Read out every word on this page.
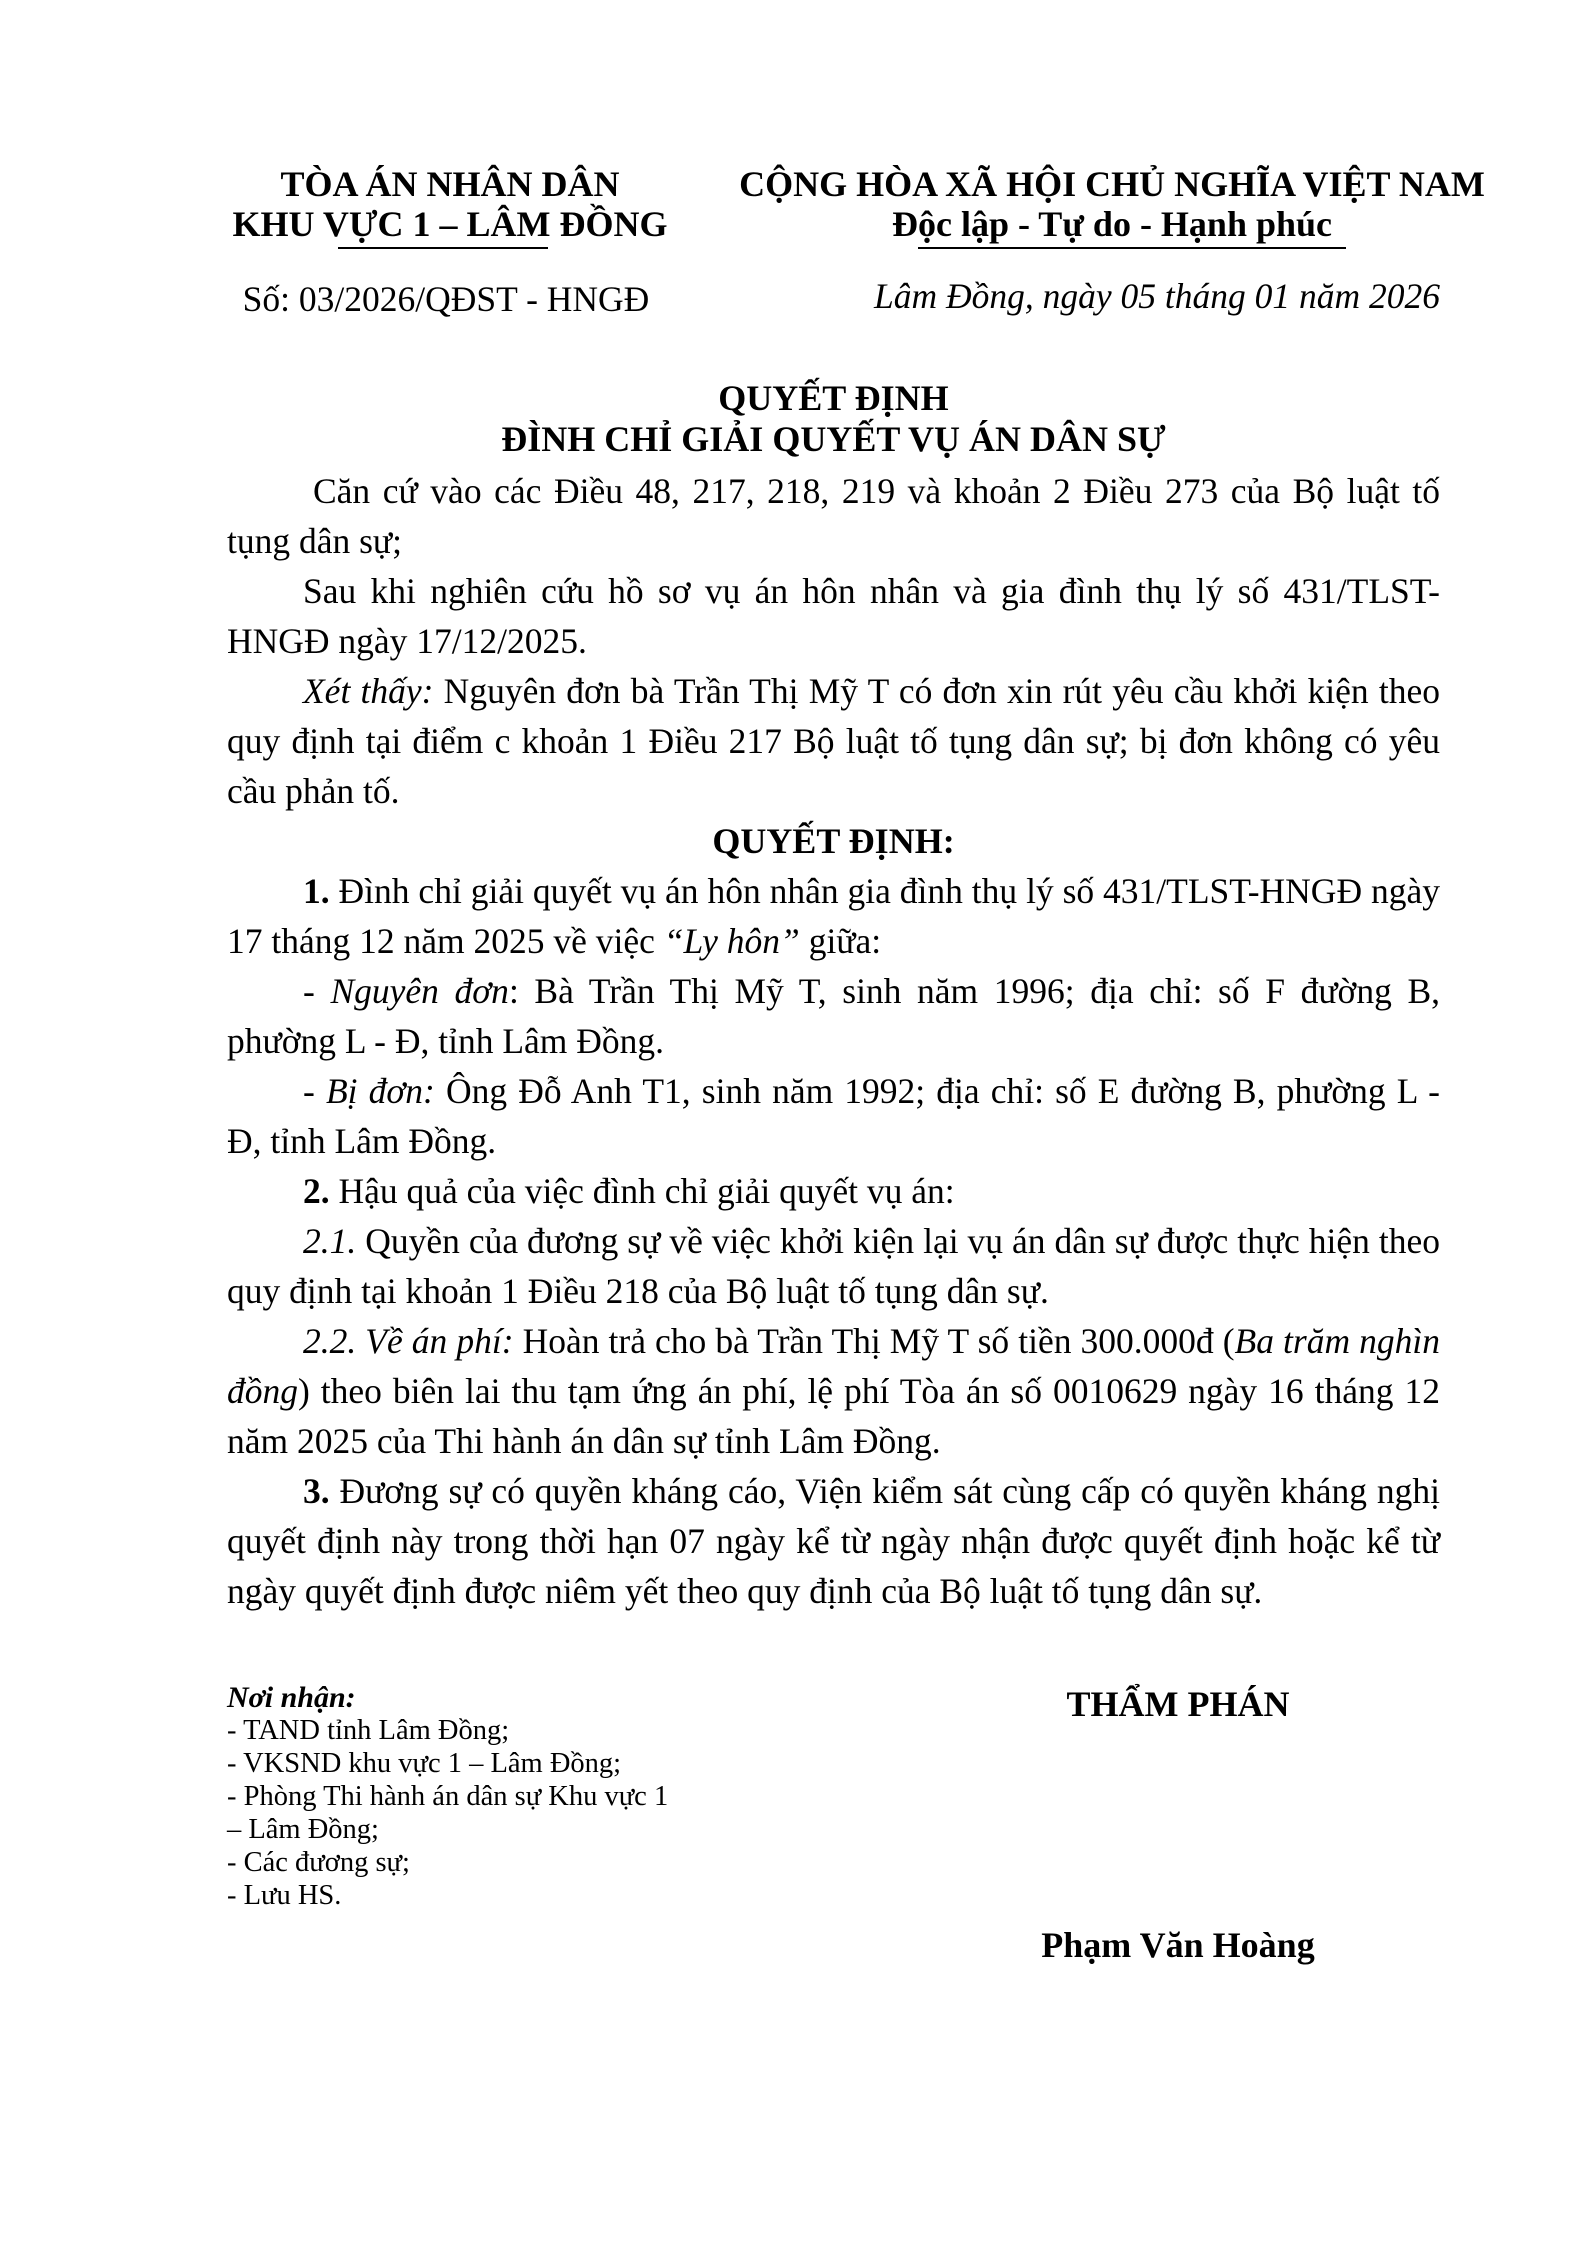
TÒA ÁN NHÂN DÂN
KHU VỰC 1 – LÂM ĐỒNG
CỘNG HÒA XÃ HỘI CHỦ NGHĨA VIỆT NAM
Độc lập - Tự do - Hạnh phúc
Số: 03/2026/QĐST - HNGĐ	Lâm Đồng, ngày 05 tháng 01 năm 2026
QUYẾT ĐỊNH
ĐÌNH CHỈ GIẢI QUYẾT VỤ ÁN DÂN SỰ

Căn cứ vào các Điều 48, 217, 218, 219 và khoản 2 Điều 273 của Bộ luật tố tụng dân sự;

Sau khi nghiên cứu hồ sơ vụ án hôn nhân và gia đình thụ lý số 431/TLST-HNGĐ ngày 17/12/2025.

Xét thấy: Nguyên đơn bà Trần Thị Mỹ T có đơn xin rút yêu cầu khởi kiện theo quy định tại điểm c khoản 1 Điều 217 Bộ luật tố tụng dân sự; bị đơn không có yêu cầu phản tố.

QUYẾT ĐỊNH:

1. Đình chỉ giải quyết vụ án hôn nhân gia đình thụ lý số 431/TLST-HNGĐ ngày 17 tháng 12 năm 2025 về việc “Ly hôn” giữa:

- Nguyên đơn: Bà Trần Thị Mỹ T, sinh năm 1996; địa chỉ: số F đường B, phường L - Đ, tỉnh Lâm Đồng.

- Bị đơn: Ông Đỗ Anh T1, sinh năm 1992; địa chỉ: số E đường B, phường L - Đ, tỉnh Lâm Đồng.

2. Hậu quả của việc đình chỉ giải quyết vụ án:

2.1. Quyền của đương sự về việc khởi kiện lại vụ án dân sự được thực hiện theo quy định tại khoản 1 Điều 218 của Bộ luật tố tụng dân sự.

2.2. Về án phí: Hoàn trả cho bà Trần Thị Mỹ T số tiền 300.000đ (Ba trăm nghìn đồng) theo biên lai thu tạm ứng án phí, lệ phí Tòa án số 0010629 ngày 16 tháng 12 năm 2025 của Thi hành án dân sự tỉnh Lâm Đồng.

3. Đương sự có quyền kháng cáo, Viện kiểm sát cùng cấp có quyền kháng nghị quyết định này trong thời hạn 07 ngày kể từ ngày nhận được quyết định hoặc kể từ ngày quyết định được niêm yết theo quy định của Bộ luật tố tụng dân sự.

Nơi nhận:
- TAND tỉnh Lâm Đồng;
- VKSND khu vực 1 – Lâm Đồng;
- Phòng Thi hành án dân sự Khu vực 1
– Lâm Đồng;
- Các đương sự;
- Lưu HS.
THẨM PHÁN
Phạm Văn Hoàng
